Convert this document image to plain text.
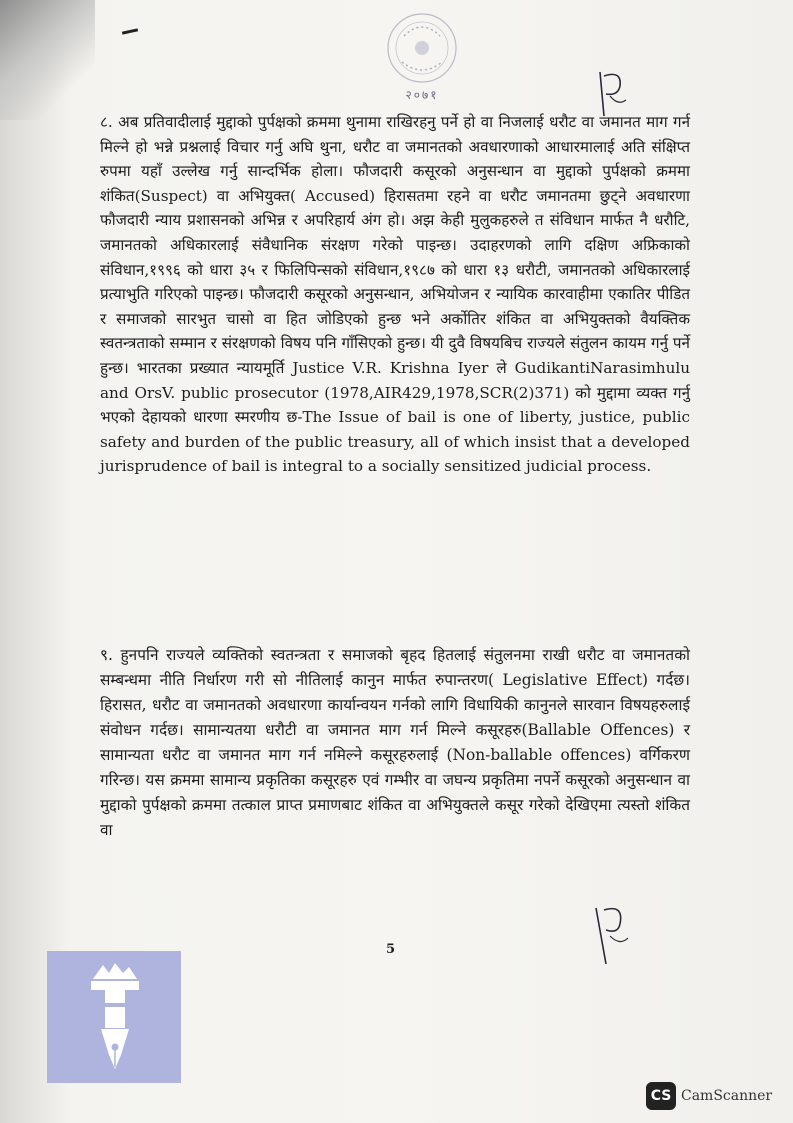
२०७१

८. अब प्रतिवादीलाई मुद्दाको पुर्पक्षको क्रममा थुनामा राखिरहनु पर्ने हो वा निजलाई धरौट वा जमानत माग गर्न मिल्ने हो भन्ने प्रश्नलाई विचार गर्नु अघि थुना, धरौट वा जमानतको अवधारणाको आधारमालाई अति संक्षिप्त रुपमा यहाँ उल्लेख गर्नु सान्दर्भिक होला। फौजदारी कसूरको अनुसन्धान वा मुद्दाको पुर्पक्षको क्रममा शंकित(Suspect) वा अभियुक्त( Accused) हिरासतमा रहने वा धरौट जमानतमा छुट्ने अवधारणा फौजदारी न्याय प्रशासनको अभिन्न र अपरिहार्य अंग हो। अझ केही मुलुकहरुले त संविधान मार्फत नै धरौटि, जमानतको अधिकारलाई संवैधानिक संरक्षण गरेको पाइन्छ। उदाहरणको लागि दक्षिण अफ्रिकाको संविधान,१९९६ को धारा ३५ र फिलिपिन्सको संविधान,१९८७ को धारा १३ धरौटी, जमानतको अधिकारलाई प्रत्याभुति गरिएको पाइन्छ। फौजदारी कसूरको अनुसन्धान, अभियोजन र न्यायिक कारवाहीमा एकातिर पीडित र समाजको सारभुत चासो वा हित जोडिएको हुन्छ भने अर्कोतिर शंकित वा अभियुक्तको वैयक्तिक स्वतन्त्रताको सम्मान र संरक्षणको विषय पनि गाँसिएको हुन्छ। यी दुवै विषयबिच राज्यले संतुलन कायम गर्नु पर्ने हुन्छ। भारतका प्रख्यात न्यायमूर्ति Justice V.R. Krishna Iyer ले GudikantiNarasimhulu and OrsV. public prosecutor (1978,AIR429,1978,SCR(2)371) को मुद्दामा व्यक्त गर्नु भएको देहायको धारणा स्मरणीय छ-The Issue of bail is one of liberty, justice, public safety and burden of the public treasury, all of which insist that a developed jurisprudence of bail is integral to a socially sensitized judicial process.

९. हुनपनि राज्यले व्यक्तिको स्वतन्त्रता र समाजको बृहद हितलाई संतुलनमा राखी धरौट वा जमानतको सम्बन्धमा नीति निर्धारण गरी सो नीतिलाई कानुन मार्फत रुपान्तरण( Legislative Effect) गर्दछ। हिरासत, धरौट वा जमानतको अवधारणा कार्यान्वयन गर्नको लागि विधायिकी कानुनले सारवान विषयहरुलाई संवोधन गर्दछ। सामान्यतया धरौटी वा जमानत माग गर्न मिल्ने कसूरहरु(Ballable Offences) र सामान्यता धरौट वा जमानत माग गर्न नमिल्ने कसूरहरुलाई (Non-ballable offences) वर्गिकरण गरिन्छ। यस क्रममा सामान्य प्रकृतिका कसूरहरु एवं गम्भीर वा जघन्य प्रकृतिमा नपर्ने कसूरको अनुसन्धान वा मुद्दाको पुर्पक्षको क्रममा तत्काल प्राप्त प्रमाणबाट शंकित वा अभियुक्तले कसूर गरेको देखिएमा त्यस्तो शंकित वा

5
CS CamScanner
